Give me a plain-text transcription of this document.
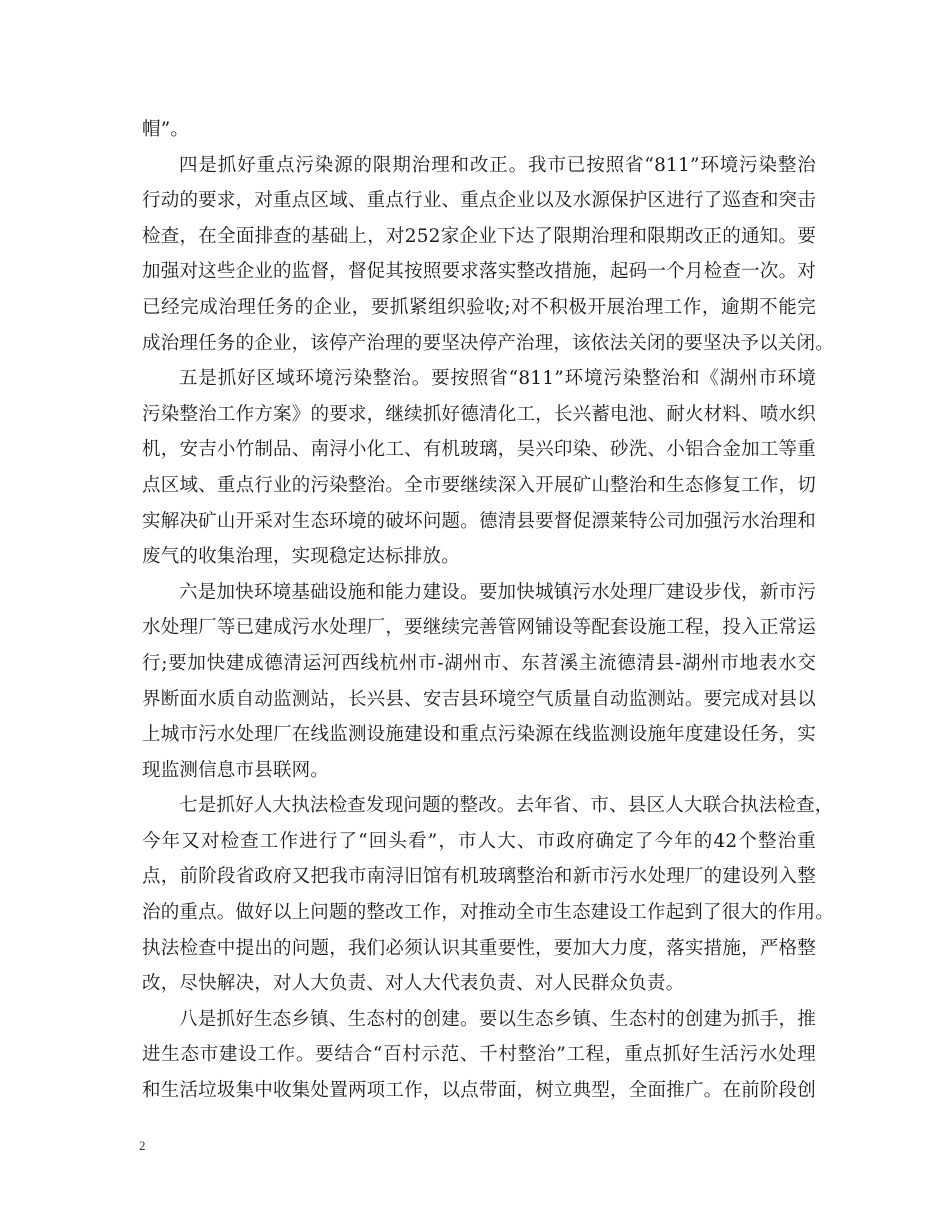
帽”。
四是抓好重点污染源的限期治理和改正。我市已按照省“811”环境污染整治
行动的要求，对重点区域、重点行业、重点企业以及水源保护区进行了巡查和突击
检查，在全面排查的基础上，对252家企业下达了限期治理和限期改正的通知。要
加强对这些企业的监督，督促其按照要求落实整改措施，起码一个月检查一次。对
已经完成治理任务的企业，要抓紧组织验收;对不积极开展治理工作，逾期不能完
成治理任务的企业，该停产治理的要坚决停产治理，该依法关闭的要坚决予以关闭。
五是抓好区域环境污染整治。要按照省“811”环境污染整治和《湖州市环境
污染整治工作方案》的要求，继续抓好德清化工，长兴蓄电池、耐火材料、喷水织
机，安吉小竹制品、南浔小化工、有机玻璃，吴兴印染、砂洗、小铝合金加工等重
点区域、重点行业的污染整治。全市要继续深入开展矿山整治和生态修复工作，切
实解决矿山开采对生态环境的破坏问题。德清县要督促漂莱特公司加强污水治理和
废气的收集治理，实现稳定达标排放。
六是加快环境基础设施和能力建设。要加快城镇污水处理厂建设步伐，新市污
水处理厂等已建成污水处理厂，要继续完善管网铺设等配套设施工程，投入正常运
行;要加快建成德清运河西线杭州市-湖州市、东苕溪主流德清县-湖州市地表水交
界断面水质自动监测站，长兴县、安吉县环境空气质量自动监测站。要完成对县以
上城市污水处理厂在线监测设施建设和重点污染源在线监测设施年度建设任务，实
现监测信息市县联网。
七是抓好人大执法检查发现问题的整改。去年省、市、县区人大联合执法检查，
今年又对检查工作进行了“回头看”，市人大、市政府确定了今年的42个整治重
点，前阶段省政府又把我市南浔旧馆有机玻璃整治和新市污水处理厂的建设列入整
治的重点。做好以上问题的整改工作，对推动全市生态建设工作起到了很大的作用。
执法检查中提出的问题，我们必须认识其重要性，要加大力度，落实措施，严格整
改，尽快解决，对人大负责、对人大代表负责、对人民群众负责。
八是抓好生态乡镇、生态村的创建。要以生态乡镇、生态村的创建为抓手，推
进生态市建设工作。要结合“百村示范、千村整治”工程，重点抓好生活污水处理
和生活垃圾集中收集处置两项工作，以点带面，树立典型，全面推广。在前阶段创
2
